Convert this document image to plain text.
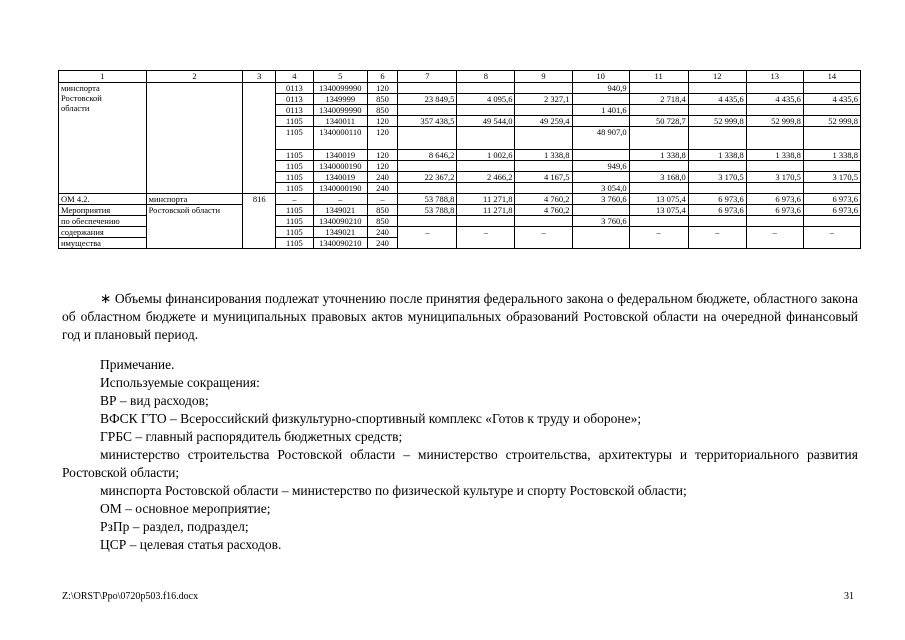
1	2	3	4	5	6	7	8	9	10	11	12	13	14

минспорта
Ростовской
области			0113	1340099990	120				940,9				
			0113	1349999	850	23 849,5	4 095,6	2 327,1		2 718,4	4 435,6	4 435,6	4 435,6
			0113	1340099990	850				1 401,6				
			1105	1340011	120	357 438,5	49 544,0	49 259,4		50 728,7	52 999,8	52 999,8	52 999,8
			1105	1340000110	120				48 907,0				
			1105	1340019	120	8 646,2	1 002,6	1 338,8		1 338,8	1 338,8	1 338,8	1 338,8
			1105	1340000190	120				949,6				
			1105	1340019	240	22 367,2	2 466,2	4 167,5		3 168,0	3 170,5	3 170,5	3 170,5
			1105	1340000190	240				3 054,0				
ОМ 4.2.	минспорта	816	–	–	–	53 788,8	11 271,8	4 760,2	3 760,6	13 075,4	6 973,6	6 973,6	6 973,6
Мероприятия	Ростовской области		1105	1349021	850	53 788,8	11 271,8	4 760,2		13 075,4	6 973,6	6 973,6	6 973,6
по обеспечению			1105	1340090210	850				3 760,6				
содержания			1105	1349021	240	–	–	–		–	–	–	–
имущества			1105	1340090210	240								

∗ Объемы финансирования подлежат уточнению после принятия федерального закона о федеральном бюджете, областного закона об областном бюджете и муниципальных правовых актов муниципальных образований Ростовской области на очередной финансовый год и плановый период.

Примечание.

Используемые сокращения:

ВР – вид расходов;

ВФСК ГТО – Всероссийский физкультурно-спортивный комплекс «Готов к труду и обороне»;

ГРБС – главный распорядитель бюджетных средств;

министерство строительства Ростовской области – министерство строительства, архитектуры и территориального развития Ростовской области;

минспорта Ростовской области – министерство по физической культуре и спорту Ростовской области;

ОМ – основное мероприятие;

РзПр – раздел, подраздел;

ЦСР – целевая статья расходов.

Z:\ORST\Ppo\0720p503.f16.docx	31
